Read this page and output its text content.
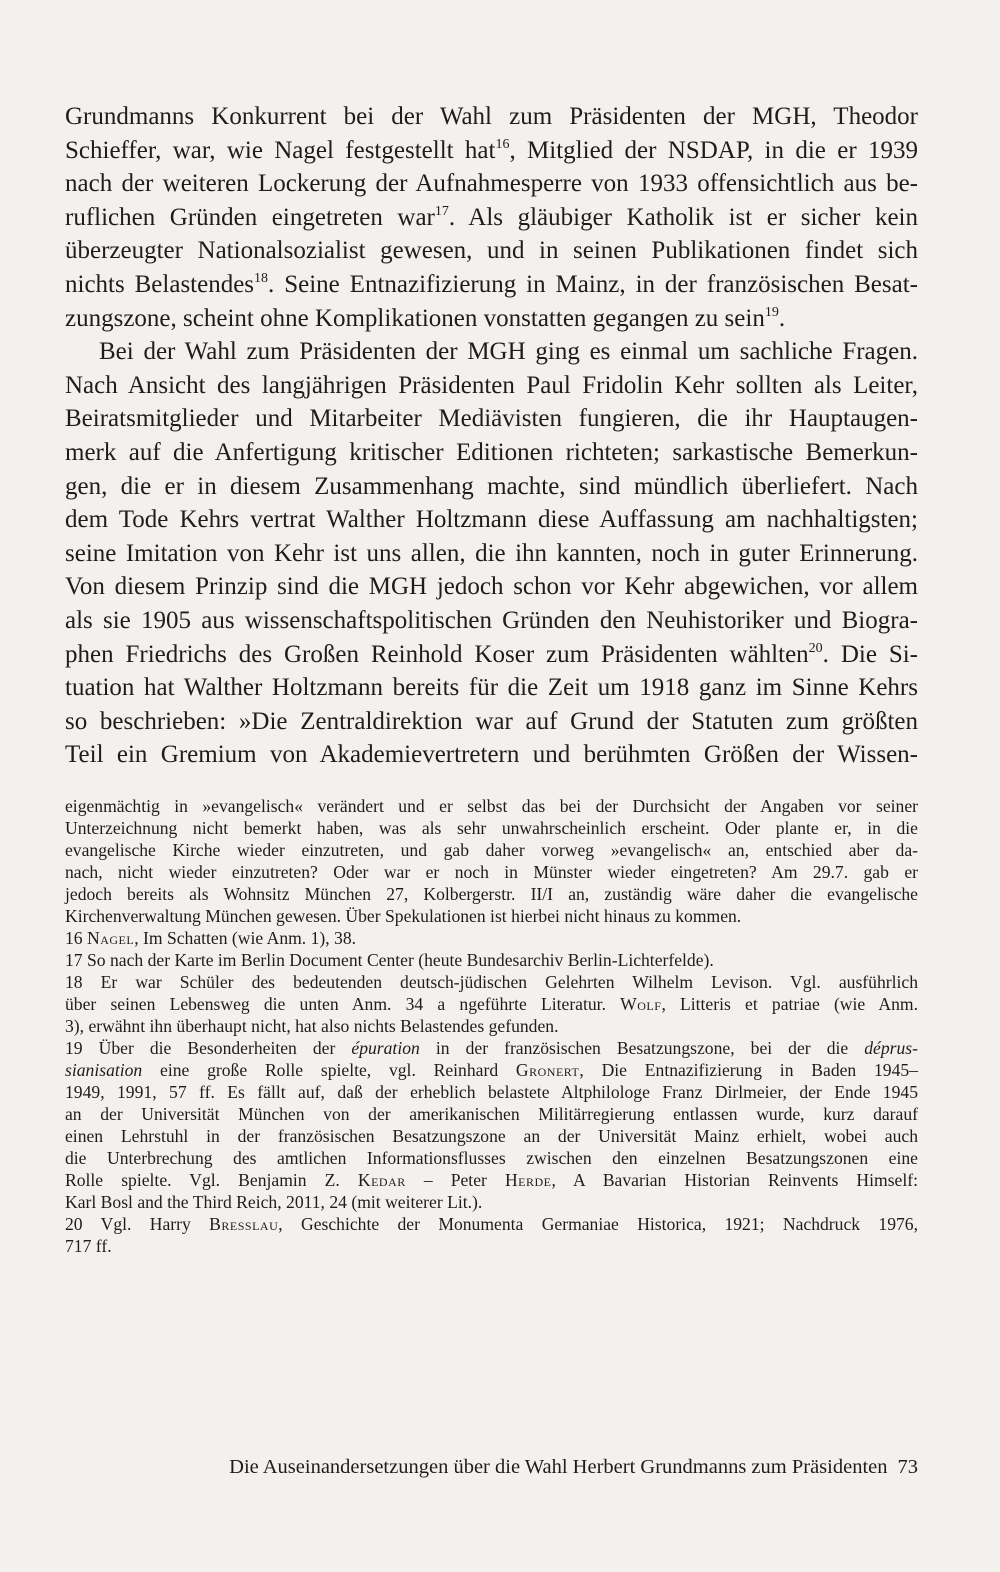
Grundmanns Konkurrent bei der Wahl zum Präsidenten der MGH, Theodor
Schieffer, war, wie Nagel festgestellt hat$^{16}$, Mitglied der NSDAP, in die er 1939
nach der weiteren Lockerung der Aufnahmesperre von 1933 offensichtlich aus be-
ruflichen Gründen eingetreten war$^{17}$. Als gläubiger Katholik ist er sicher kein
überzeugter Nationalsozialist gewesen, und in seinen Publikationen findet sich
nichts Belastendes$^{18}$. Seine Entnazifizierung in Mainz, in der französischen Besat-
zungszone, scheint ohne Komplikationen vonstatten gegangen zu sein$^{19}$.
Bei der Wahl zum Präsidenten der MGH ging es einmal um sachliche Fragen.
Nach Ansicht des langjährigen Präsidenten Paul Fridolin Kehr sollten als Leiter,
Beiratsmitglieder und Mitarbeiter Mediävisten fungieren, die ihr Hauptaugen-
merk auf die Anfertigung kritischer Editionen richteten; sarkastische Bemerkun-
gen, die er in diesem Zusammenhang machte, sind mündlich überliefert. Nach
dem Tode Kehrs vertrat Walther Holtzmann diese Auffassung am nachhaltigsten;
seine Imitation von Kehr ist uns allen, die ihn kannten, noch in guter Erinnerung.
Von diesem Prinzip sind die MGH jedoch schon vor Kehr abgewichen, vor allem
als sie 1905 aus wissenschaftspolitischen Gründen den Neuhistoriker und Biogra-
phen Friedrichs des Großen Reinhold Koser zum Präsidenten wählten$^{20}$. Die Si-
tuation hat Walther Holtzmann bereits für die Zeit um 1918 ganz im Sinne Kehrs
so beschrieben: »Die Zentraldirektion war auf Grund der Statuten zum größten
Teil ein Gremium von Akademievertretern und berühmten Größen der Wissen-
eigenmächtig in »evangelisch« verändert und er selbst das bei der Durchsicht der Angaben vor seiner
Unterzeichnung nicht bemerkt haben, was als sehr unwahrscheinlich erscheint. Oder plante er, in die
evangelische Kirche wieder einzutreten, und gab daher vorweg »evangelisch« an, entschied aber da-
nach, nicht wieder einzutreten? Oder war er noch in Münster wieder eingetreten? Am 29.7. gab er
jedoch bereits als Wohnsitz München 27, Kolbergerstr. II/I an, zuständig wäre daher die evangelische
Kirchenverwaltung München gewesen. Über Spekulationen ist hierbei nicht hinaus zu kommen.
16 Nagel, Im Schatten (wie Anm. 1), 38.
17 So nach der Karte im Berlin Document Center (heute Bundesarchiv Berlin-Lichterfelde).
18 Er war Schüler des bedeutenden deutsch-jüdischen Gelehrten Wilhelm Levison. Vgl. ausführlich
über seinen Lebensweg die unten Anm. 34 a ngeführte Literatur. Wolf, Litteris et patriae (wie Anm.
3), erwähnt ihn überhaupt nicht, hat also nichts Belastendes gefunden.
19 Über die Besonderheiten der épuration in der französischen Besatzungszone, bei der die déprus-
sianisation eine große Rolle spielte, vgl. Reinhard Gronert, Die Entnazifizierung in Baden 1945–
1949, 1991, 57 ff. Es fällt auf, daß der erheblich belastete Altphilologe Franz Dirlmeier, der Ende 1945
an der Universität München von der amerikanischen Militärregierung entlassen wurde, kurz darauf
einen Lehrstuhl in der französischen Besatzungszone an der Universität Mainz erhielt, wobei auch
die Unterbrechung des amtlichen Informationsflusses zwischen den einzelnen Besatzungszonen eine
Rolle spielte. Vgl. Benjamin Z. Kedar – Peter Herde, A Bavarian Historian Reinvents Himself:
Karl Bosl and the Third Reich, 2011, 24 (mit weiterer Lit.).
20 Vgl. Harry Bresslau, Geschichte der Monumenta Germaniae Historica, 1921; Nachdruck 1976,
717 ff.
Die Auseinandersetzungen über die Wahl Herbert Grundmanns zum Präsidenten 73
